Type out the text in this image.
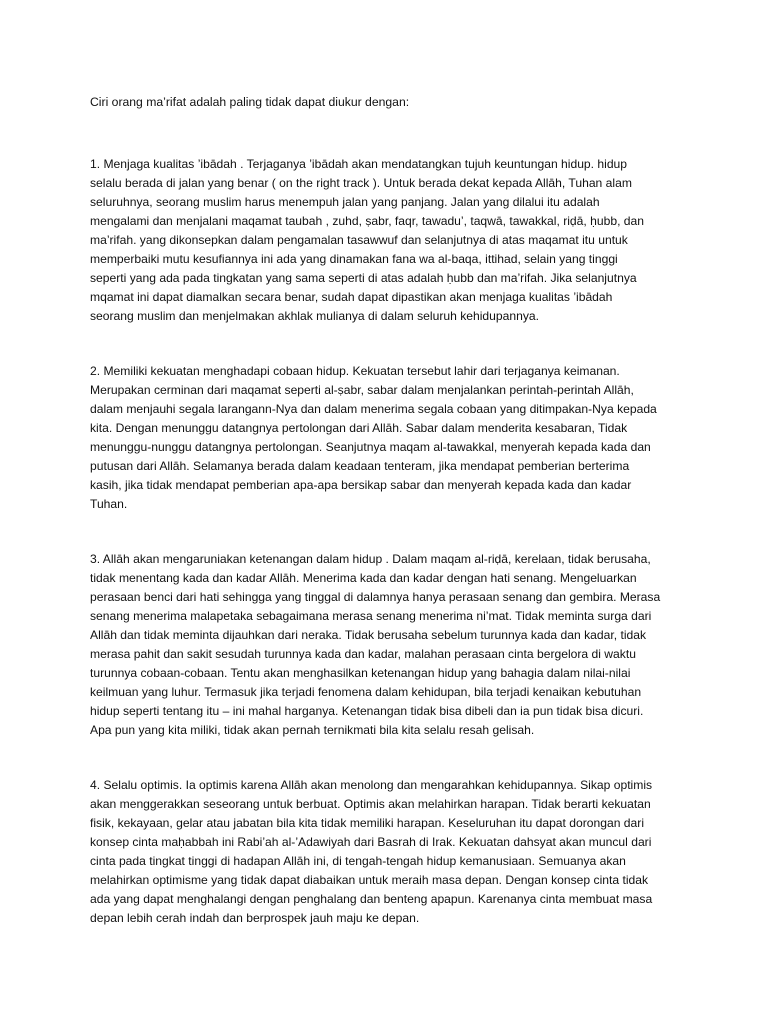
Ciri orang ma’rifat adalah paling tidak dapat diukur dengan:
1. Menjaga kualitas ’ibādah . Terjaganya ’ibādah akan mendatangkan tujuh keuntungan hidup. hidup
selalu berada di jalan yang benar ( on the right track ). Untuk berada dekat kepada Allāh, Tuhan alam
seluruhnya, seorang muslim harus menempuh jalan yang panjang. Jalan yang dilalui itu adalah
mengalami dan menjalani maqamat taubah , zuhd, ṣabr, faqr, tawadu’, taqwā, tawakkal, riḍā, ḥubb, dan
ma’rifah. yang dikonsepkan dalam pengamalan tasawwuf dan selanjutnya di atas maqamat itu untuk
memperbaiki mutu kesufiannya ini ada yang dinamakan fana wa al-baqa, ittihad, selain yang tinggi
seperti yang ada pada tingkatan yang sama seperti di atas adalah ḥubb dan ma’rifah. Jika selanjutnya
mqamat ini dapat diamalkan secara benar, sudah dapat dipastikan akan menjaga kualitas ’ibādah
seorang muslim dan menjelmakan akhlak mulianya di dalam seluruh kehidupannya.
2. Memiliki kekuatan menghadapi cobaan hidup. Kekuatan tersebut lahir dari terjaganya keimanan.
Merupakan cerminan dari maqamat seperti al-ṣabr, sabar dalam menjalankan perintah-perintah Allāh,
dalam menjauhi segala larangann-Nya dan dalam menerima segala cobaan yang ditimpakan-Nya kepada
kita. Dengan menunggu datangnya pertolongan dari Allāh. Sabar dalam menderita kesabaran, Tidak
menunggu-nunggu datangnya pertolongan. Seanjutnya maqam al-tawakkal, menyerah kepada kada dan
putusan dari Allāh. Selamanya berada dalam keadaan tenteram, jika mendapat pemberian berterima
kasih, jika tidak mendapat pemberian apa-apa bersikap sabar dan menyerah kepada kada dan kadar
Tuhan.
3. Allāh akan mengaruniakan ketenangan dalam hidup . Dalam maqam al-riḍā, kerelaan, tidak berusaha,
tidak menentang kada dan kadar Allāh. Menerima kada dan kadar dengan hati senang. Mengeluarkan
perasaan benci dari hati sehingga yang tinggal di dalamnya hanya perasaan senang dan gembira. Merasa
senang menerima malapetaka sebagaimana merasa senang menerima ni’mat. Tidak meminta surga dari
Allāh dan tidak meminta dijauhkan dari neraka. Tidak berusaha sebelum turunnya kada dan kadar, tidak
merasa pahit dan sakit sesudah turunnya kada dan kadar, malahan perasaan cinta bergelora di waktu
turunnya cobaan-cobaan. Tentu akan menghasilkan ketenangan hidup yang bahagia dalam nilai-nilai
keilmuan yang luhur. Termasuk jika terjadi fenomena dalam kehidupan, bila terjadi kenaikan kebutuhan
hidup seperti tentang itu – ini mahal harganya. Ketenangan tidak bisa dibeli dan ia pun tidak bisa dicuri.
Apa pun yang kita miliki, tidak akan pernah ternikmati bila kita selalu resah gelisah.
4. Selalu optimis. Ia optimis karena Allāh akan menolong dan mengarahkan kehidupannya. Sikap optimis
akan menggerakkan seseorang untuk berbuat. Optimis akan melahirkan harapan. Tidak berarti kekuatan
fisik, kekayaan, gelar atau jabatan bila kita tidak memiliki harapan. Keseluruhan itu dapat dorongan dari
konsep cinta maḥabbah ini Rabi’ah al-’Adawiyah dari Basrah di Irak. Kekuatan dahsyat akan muncul dari
cinta pada tingkat tinggi di hadapan Allāh ini, di tengah-tengah hidup kemanusiaan. Semuanya akan
melahirkan optimisme yang tidak dapat diabaikan untuk meraih masa depan. Dengan konsep cinta tidak
ada yang dapat menghalangi dengan penghalang dan benteng apapun. Karenanya cinta membuat masa
depan lebih cerah indah dan berprospek jauh maju ke depan.
